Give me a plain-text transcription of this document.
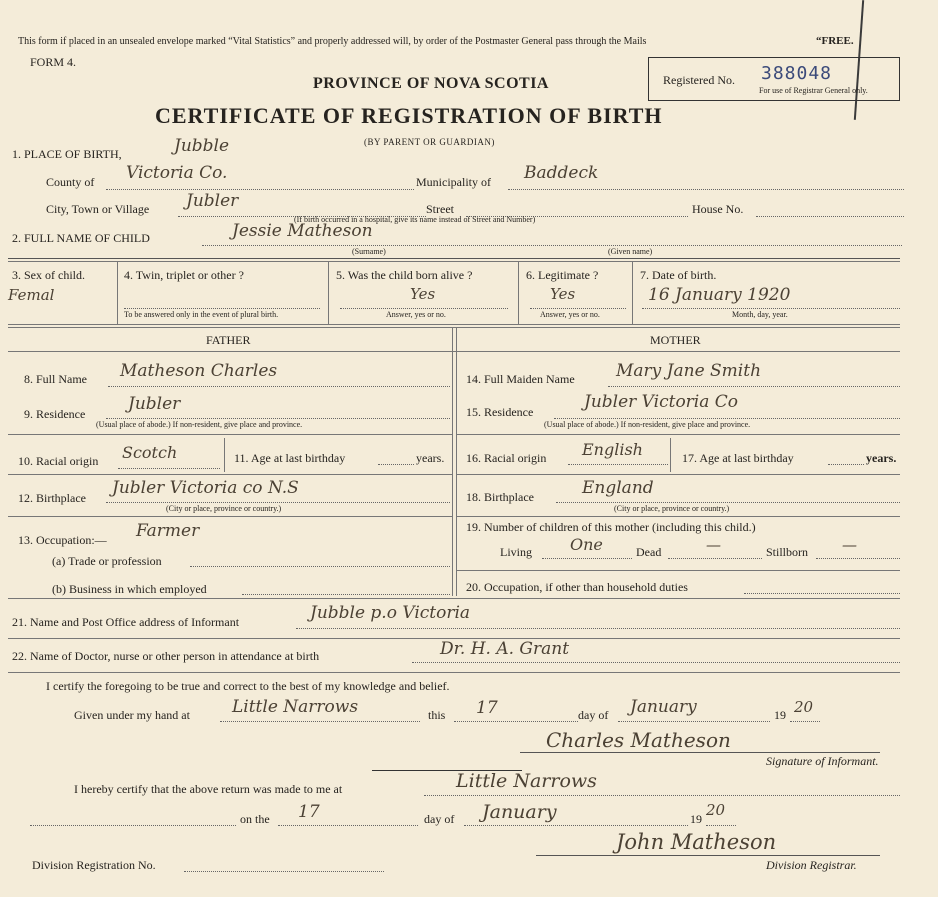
This form if placed in an unsealed envelope marked “Vital Statistics” and properly addressed will, by order of the Postmaster General pass through the Mails	“FREE.
FORM 4.
PROVINCE OF NOVA SCOTIA
CERTIFICATE OF REGISTRATION OF BIRTH
(BY PARENT OR GUARDIAN)
Registered No. 388048
For use of Registrar General only.
1. PLACE OF BIRTH,	Jubble
County of Victoria Co.	Municipality of Baddeck
City, Town or Village Jubler	Street	House No.
(If birth occurred in a hospital, give its name instead of Street and Number)
2. FULL NAME OF CHILD	Jessie Matheson
(Surname)	(Given name)
3. Sex of child.
Femal
4. Twin, triplet or other ?
To be answered only in the event of plural birth.
5. Was the child born alive ?
Yes
Answer, yes or no.
6. Legitimate ?
Yes
Answer, yes or no.
7. Date of birth.
16 January 1920
Month, day, year.
FATHER	MOTHER
8. Full Name Matheson Charles
9. Residence	Jubler
(Usual place of abode.) If non-resident, give place and province.
10. Racial origin Scotch	11. Age at last birthday	years.
12. Birthplace Jubler Victoria co N.S
(City or place, province or country.)
13. Occupation:— Farmer
(a) Trade or profession
(b) Business in which employed
14. Full Maiden Name Mary Jane Smith
15. Residence	Jubler Victoria Co
(Usual place of abode.) If non-resident, give place and province.
16. Racial origin English	17. Age at last birthday	years.
18. Birthplace	England
(City or place, province or country.)
19. Number of children of this mother (including this child.)
Living One	Dead	—	Stillborn —
20. Occupation, if other than household duties
21. Name and Post Office address of Informant	Jubble p.o Victoria
22. Name of Doctor, nurse or other person in attendance at birth	Dr. H. A. Grant
I certify the foregoing to be true and correct to the best of my knowledge and belief.
Given under my hand at Little Narrows	this 17	day of January	19 20
Charles Matheson
Signature of Informant.
I hereby certify that the above return was made to me at	Little Narrows
on the 17	day of January	19 20
Division Registration No.
John Matheson
Division Registrar.
